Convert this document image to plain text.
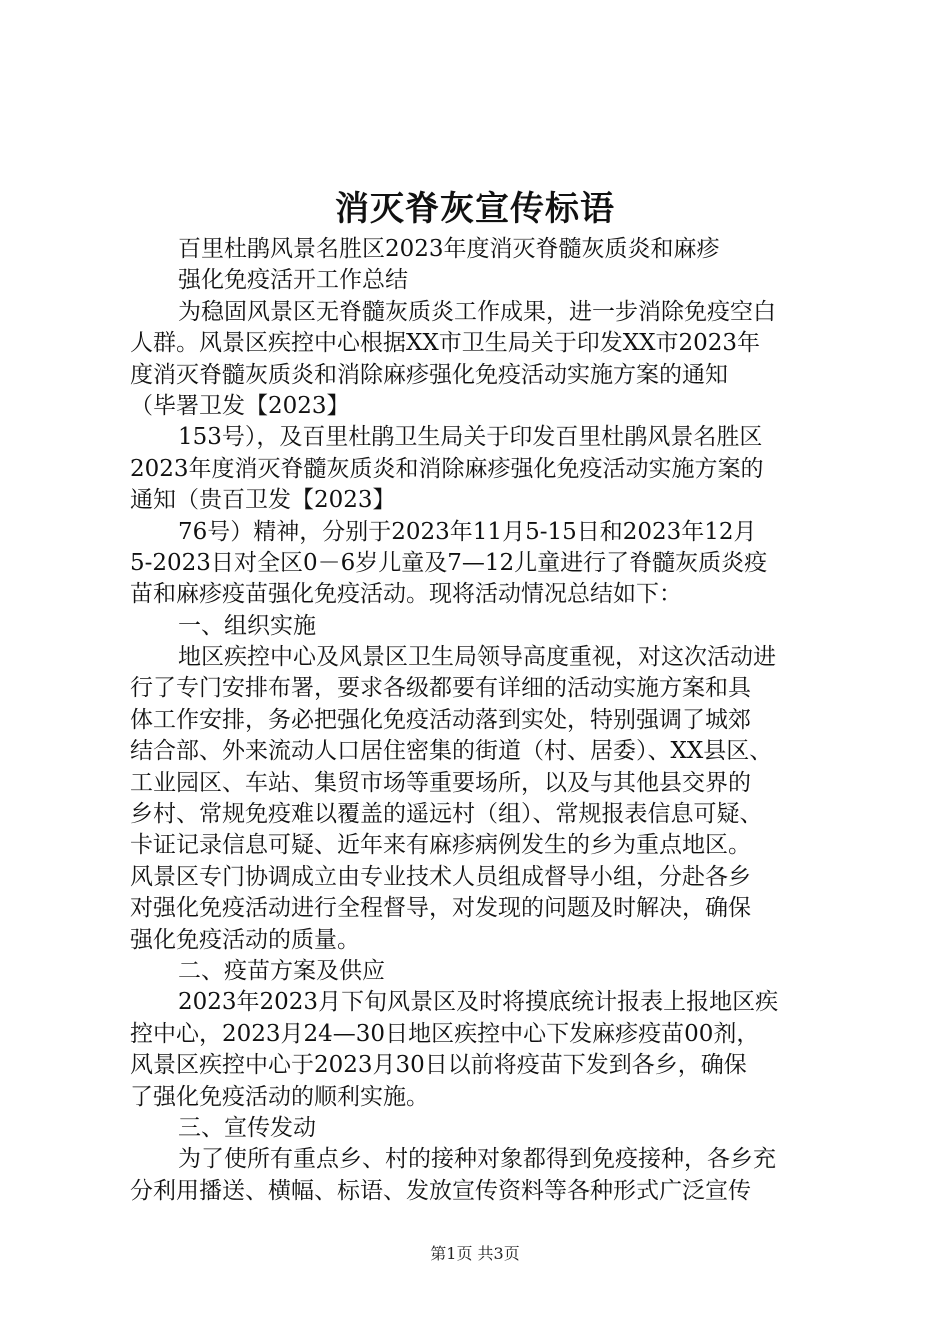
消灭脊灰宣传标语
百里杜鹃风景名胜区2023年度消灭脊髓灰质炎和麻疹
强化免疫活开工作总结
为稳固风景区无脊髓灰质炎工作成果，进一步消除免疫空白
人群。风景区疾控中心根据XX市卫生局关于印发XX市2023年
度消灭脊髓灰质炎和消除麻疹强化免疫活动实施方案的通知
（毕署卫发【2023】
153号），及百里杜鹃卫生局关于印发百里杜鹃风景名胜区
2023年度消灭脊髓灰质炎和消除麻疹强化免疫活动实施方案的
通知（贵百卫发【2023】
76号）精神，分别于2023年11月5-15日和2023年12月
5-2023日对全区0－6岁儿童及7—12儿童进行了脊髓灰质炎疫
苗和麻疹疫苗强化免疫活动。现将活动情况总结如下：
一、组织实施
地区疾控中心及风景区卫生局领导高度重视，对这次活动进
行了专门安排布署，要求各级都要有详细的活动实施方案和具
体工作安排，务必把强化免疫活动落到实处，特别强调了城郊
结合部、外来流动人口居住密集的街道（村、居委）、XX县区、
工业园区、车站、集贸市场等重要场所，以及与其他县交界的
乡村、常规免疫难以覆盖的遥远村（组）、常规报表信息可疑、
卡证记录信息可疑、近年来有麻疹病例发生的乡为重点地区。
风景区专门协调成立由专业技术人员组成督导小组，分赴各乡
对强化免疫活动进行全程督导，对发现的问题及时解决，确保
强化免疫活动的质量。
二、疫苗方案及供应
2023年2023月下旬风景区及时将摸底统计报表上报地区疾
控中心，2023月24—30日地区疾控中心下发麻疹疫苗00剂，
风景区疾控中心于2023月30日以前将疫苗下发到各乡，确保
了强化免疫活动的顺利实施。
三、宣传发动
为了使所有重点乡、村的接种对象都得到免疫接种，各乡充
分利用播送、横幅、标语、发放宣传资料等各种形式广泛宣传
第1页 共3页
